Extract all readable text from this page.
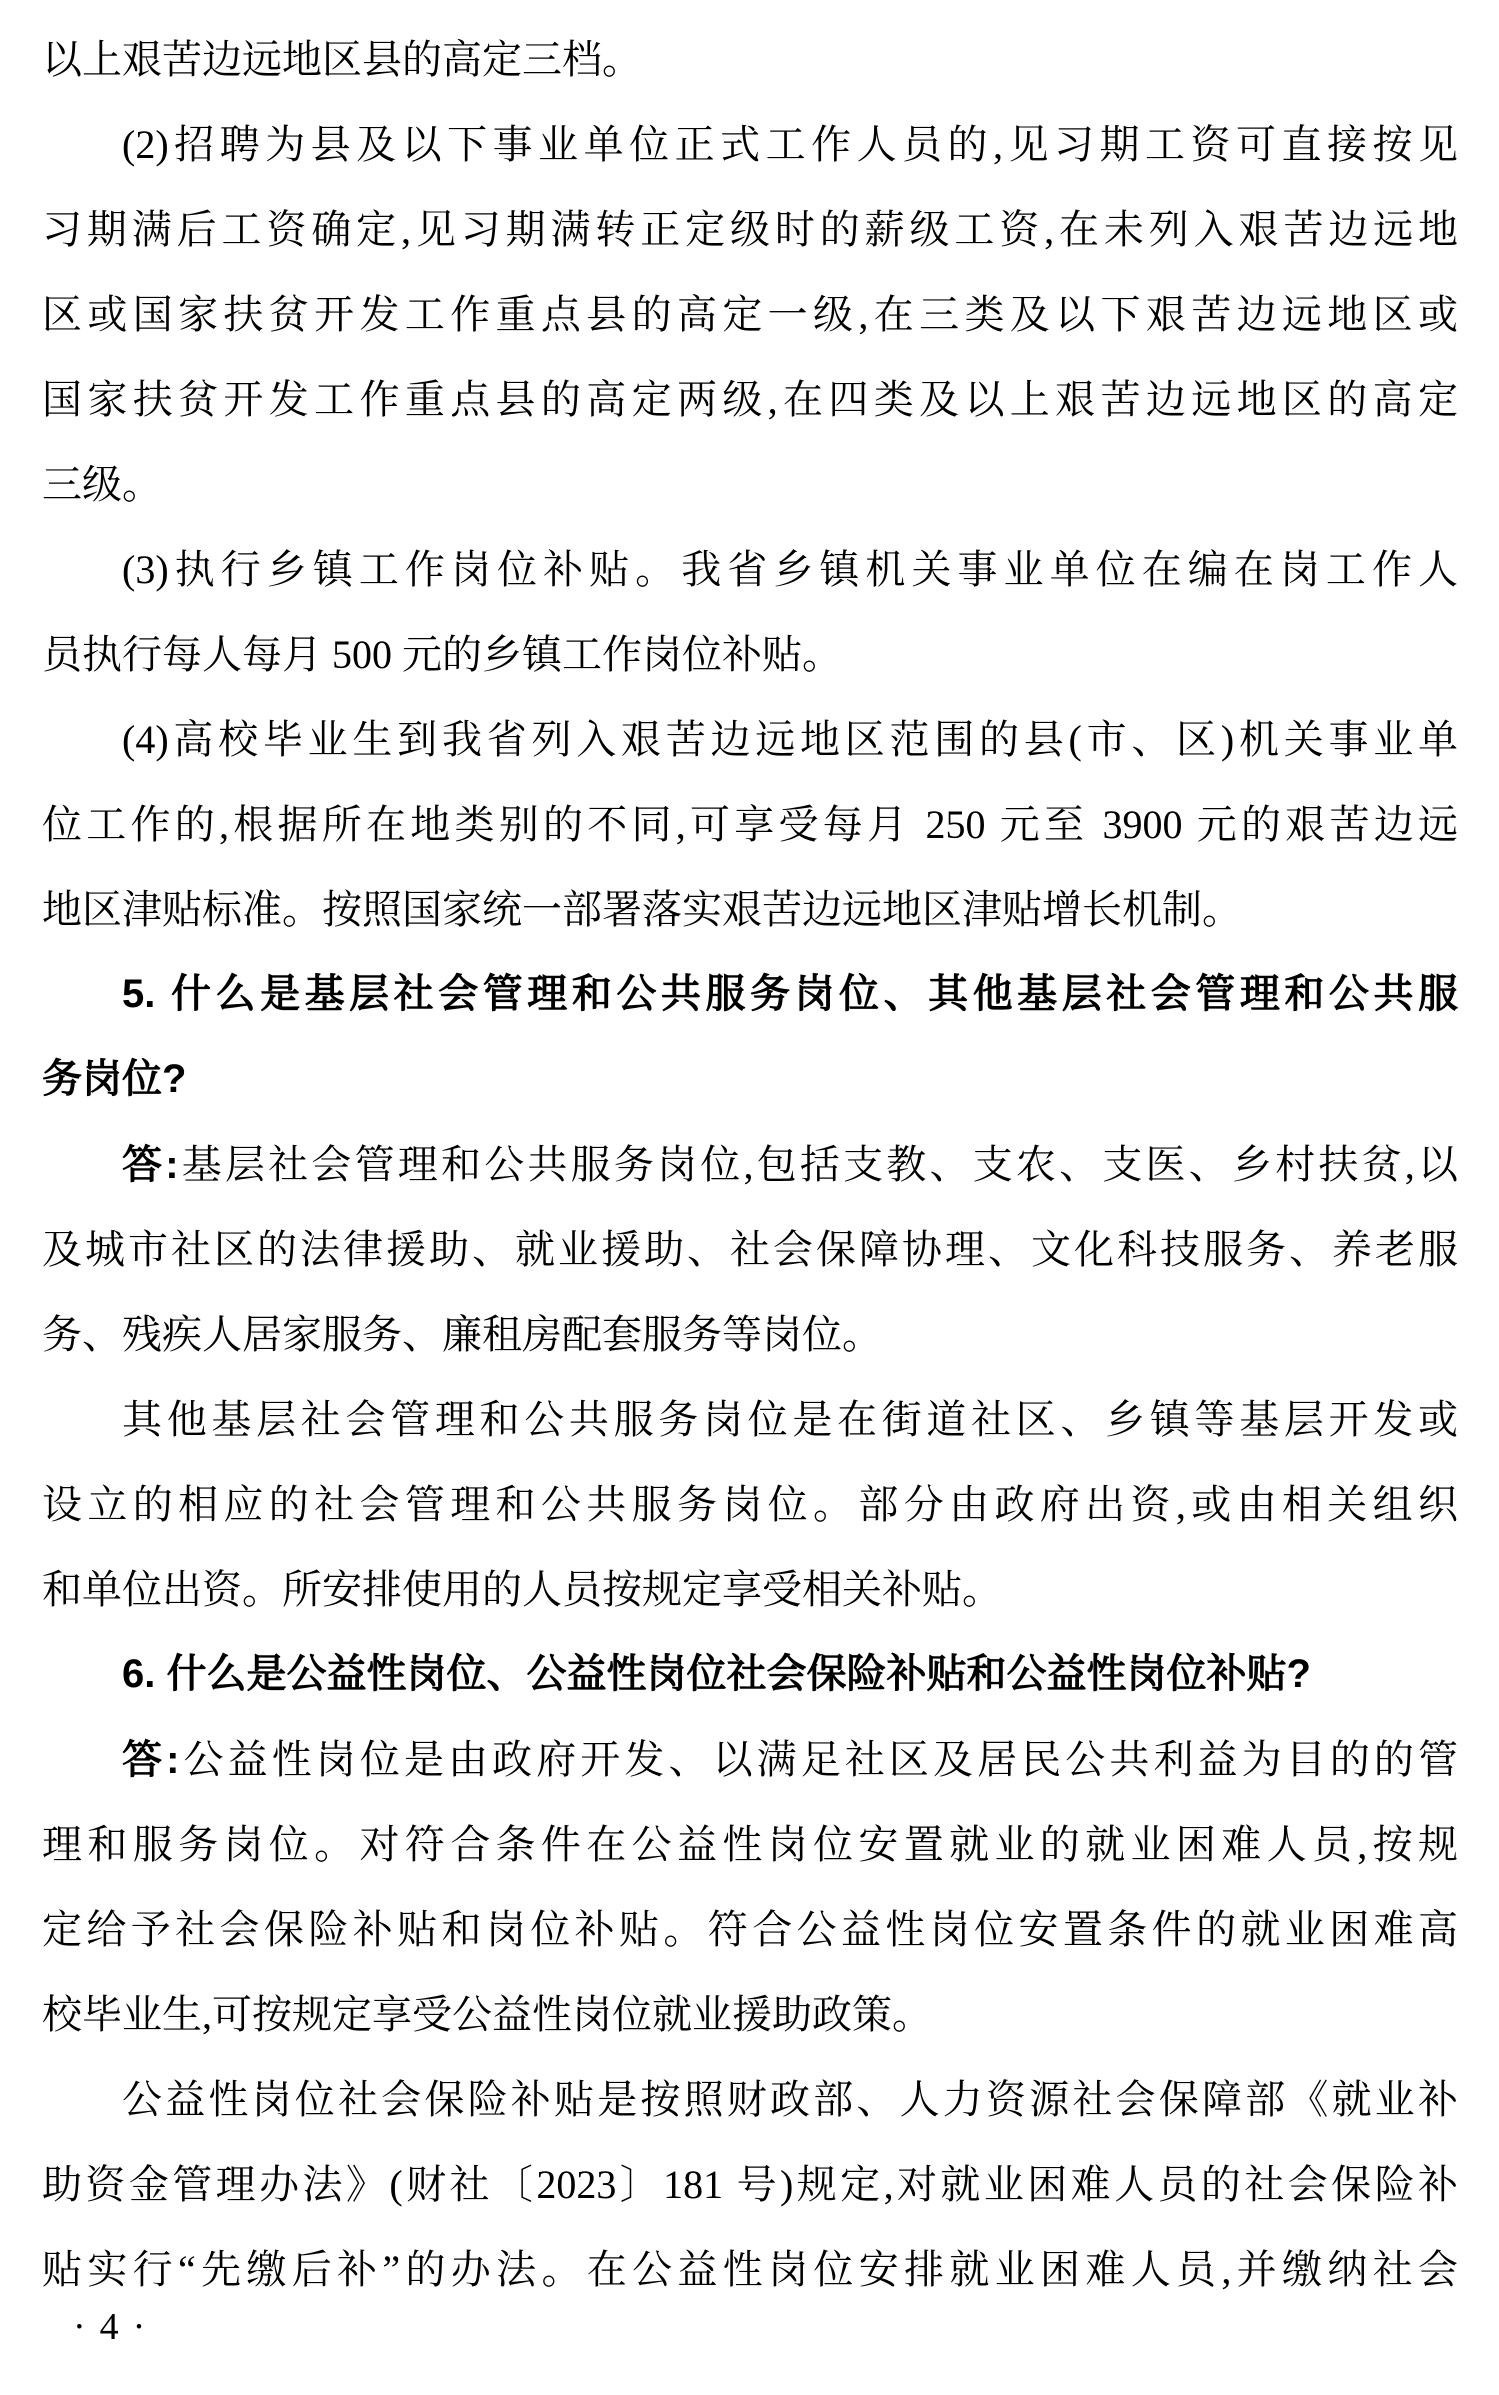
以上艰苦边远地区县的高定三档。
(2)招聘为县及以下事业单位正式工作人员的,见习期工资可直接按见
习期满后工资确定,见习期满转正定级时的薪级工资,在未列入艰苦边远地
区或国家扶贫开发工作重点县的高定一级,在三类及以下艰苦边远地区或
国家扶贫开发工作重点县的高定两级,在四类及以上艰苦边远地区的高定
三级。
(3)执行乡镇工作岗位补贴。我省乡镇机关事业单位在编在岗工作人
员执行每人每月 500 元的乡镇工作岗位补贴。
(4)高校毕业生到我省列入艰苦边远地区范围的县(市、区)机关事业单
位工作的,根据所在地类别的不同,可享受每月 250 元至 3900 元的艰苦边远
地区津贴标准。按照国家统一部署落实艰苦边远地区津贴增长机制。
5. 什么是基层社会管理和公共服务岗位、其他基层社会管理和公共服
务岗位?
答:基层社会管理和公共服务岗位,包括支教、支农、支医、乡村扶贫,以
及城市社区的法律援助、就业援助、社会保障协理、文化科技服务、养老服
务、残疾人居家服务、廉租房配套服务等岗位。
其他基层社会管理和公共服务岗位是在街道社区、乡镇等基层开发或
设立的相应的社会管理和公共服务岗位。部分由政府出资,或由相关组织
和单位出资。所安排使用的人员按规定享受相关补贴。
6. 什么是公益性岗位、公益性岗位社会保险补贴和公益性岗位补贴?
答:公益性岗位是由政府开发、以满足社区及居民公共利益为目的的管
理和服务岗位。对符合条件在公益性岗位安置就业的就业困难人员,按规
定给予社会保险补贴和岗位补贴。符合公益性岗位安置条件的就业困难高
校毕业生,可按规定享受公益性岗位就业援助政策。
公益性岗位社会保险补贴是按照财政部、人力资源社会保障部《就业补
助资金管理办法》(财社〔2023〕181 号)规定,对就业困难人员的社会保险补
贴实行“先缴后补”的办法。在公益性岗位安排就业困难人员,并缴纳社会
·4·
